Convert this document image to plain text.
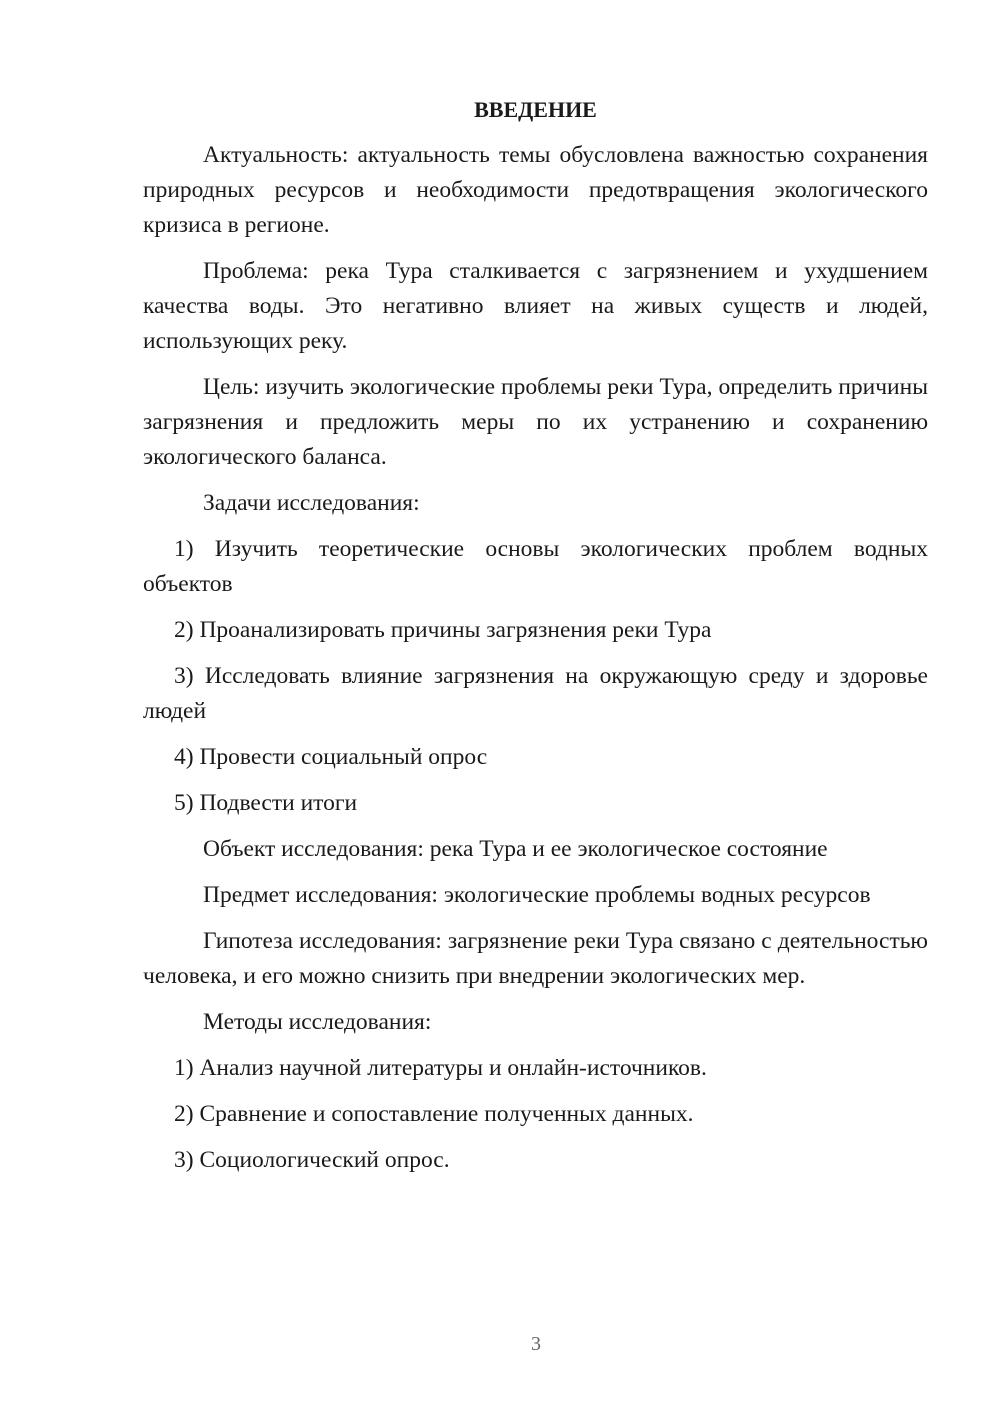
ВВЕДЕНИЕ

Актуальность: актуальность темы обусловлена важностью сохранения природных ресурсов и необходимости предотвращения экологического кризиса в регионе.

Проблема: река Тура сталкивается с загрязнением и ухудшением качества воды. Это негативно влияет на живых существ и людей, использующих реку.

Цель: изучить экологические проблемы реки Тура, определить причины загрязнения и предложить меры по их устранению и сохранению экологического баланса.

Задачи исследования:

1) Изучить теоретические основы экологических проблем водных объектов

2) Проанализировать причины загрязнения реки Тура

3) Исследовать влияние загрязнения на окружающую среду и здоровье людей

4) Провести социальный опрос

5) Подвести итоги

Объект исследования: река Тура и ее экологическое состояние

Предмет исследования: экологические проблемы водных ресурсов

Гипотеза исследования: загрязнение реки Тура связано с деятельностью человека, и его можно снизить при внедрении экологических мер.

Методы исследования:

1) Анализ научной литературы и онлайн-источников.

2) Сравнение и сопоставление полученных данных.

3) Социологический опрос.

3
